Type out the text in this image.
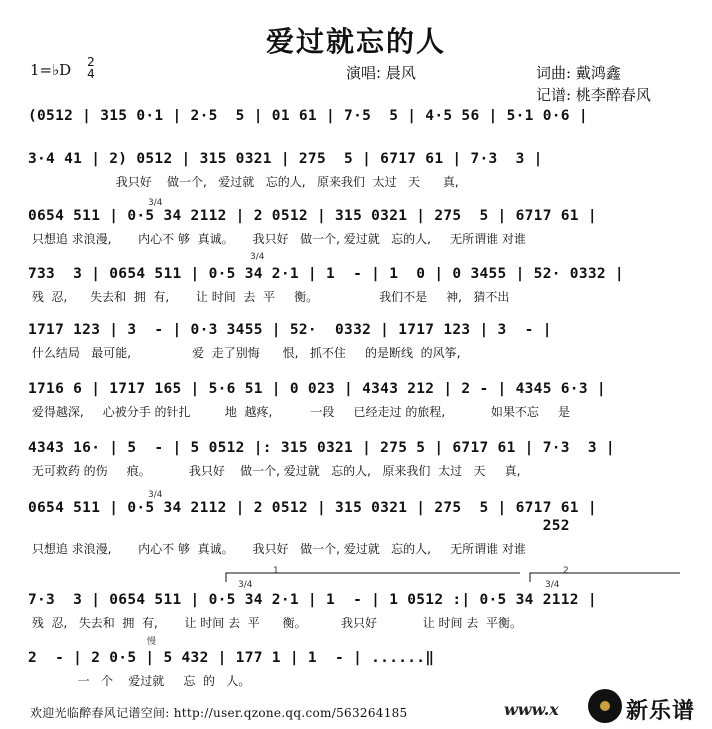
爱过就忘的人
1=♭D 2
4	演唱: 晨风	词曲: 戴鸿鑫
记谱: 桃李醉春风
(0512 | 315 0·1 | 2·5  5 | 01 61 | 7·5  5 | 4·5 56 | 5·1 0·6 |
3·4 41 | 2) 0512 | 315 0321 | 275  5 | 6717 61 | 7·3  3 |
我只好    做一个,   爱过就   忘的人,   原来我们  太过   天      真,
0654 511 | 0·5 34 2112 | 2 0512 | 315 0321 | 275  5 | 6717 61 |
只想追 求浪漫,       内心不 够  真诚。     我只好   做一个, 爱过就   忘的人,     无所谓谁 对谁
733  3 | 0654 511 | 0·5 34 2·1 | 1  - | 1  0 | 0 3455 | 52· 0332 |
残  忍,      失去和  拥  有,       让 时间  去  平     衡。                我们不是     神,   猜不出
1717 123 | 3  - | 0·3 3455 | 52·  0332 | 1717 123 | 3  - |
什么结局   最可能,                爱  走了别悔      恨,   抓不住     的是断线  的风筝,
1716 6 | 1717 165 | 5·6 51 | 0 023 | 4343 212 | 2 - | 4345 6·3 |
爱得越深,     心被分手 的针扎         地  越疼,          一段     已经走过 的旅程,            如果不忘     是
4343 16· | 5  - | 5 0512 |: 315 0321 | 275 5 | 6717 61 | 7·3  3 |
无可救药 的伤     痕。          我只好    做一个, 爱过就   忘的人,   原来我们  太过   天     真,
0654 511 | 0·5 34 2112 | 2 0512 | 315 0321 | 275  5 | 6717 61 |
252
只想追 求浪漫,       内心不 够  真诚。     我只好   做一个, 爱过就   忘的人,     无所谓谁 对谁
7·3  3 | 0654 511 | 0·5 34 2·1 | 1  - | 1 0512 :| 0·5 34 2112 |
残  忍,   失去和  拥  有,       让 时间 去  平      衡。         我只好            让 时间 去  平衡。
2  - | 2 0·5 | 5 432 | 177 1 | 1  - | ......‖
一   个    爱过就     忘  的   人。
3/4
3/4
3/4
3/4	3/4
慢
1	2
欢迎光临醉春风记谱空间: http://user.qzone.qq.com/563264185	www.x	新乐谱
